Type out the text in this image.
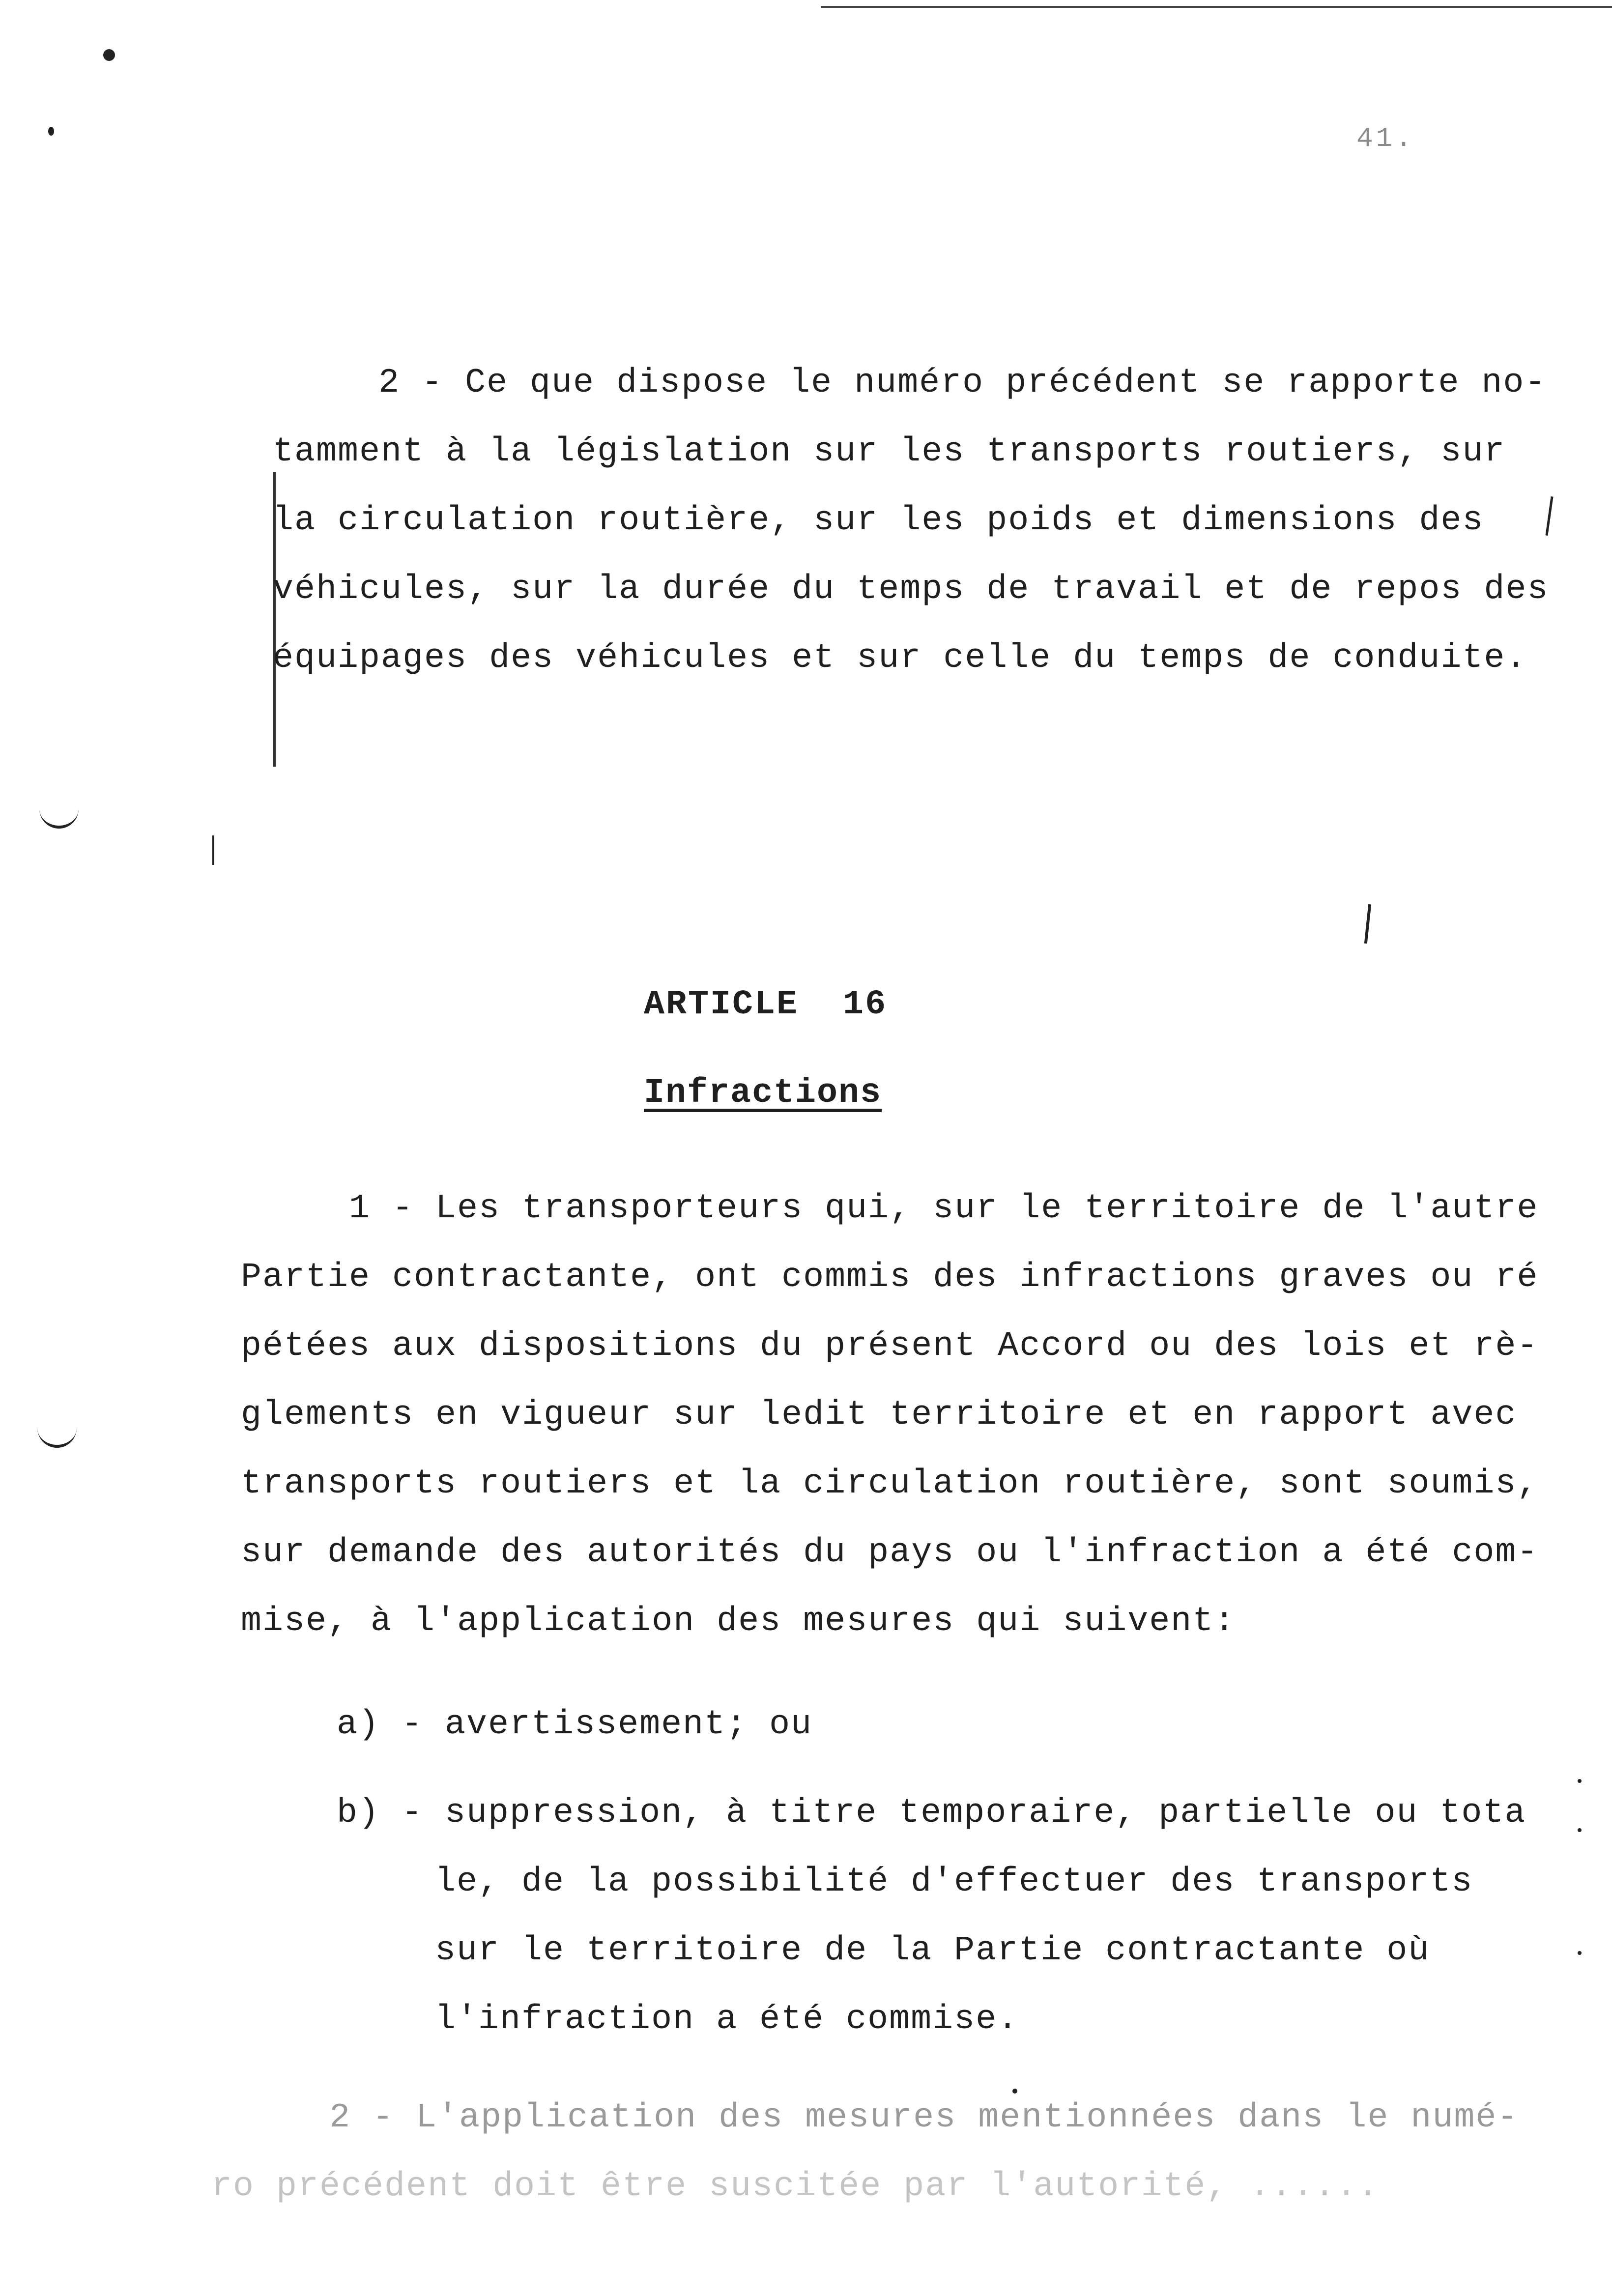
41.
2 - Ce que dispose le numéro précédent se rapporte no-
tamment à la législation sur les transports routiers, sur
la circulation routière, sur les poids et dimensions des
véhicules, sur la durée du temps de travail et de repos des
équipages des véhicules et sur celle du temps de conduite.
ARTICLE  16
Infractions
1 - Les transporteurs qui, sur le territoire de l'autre
Partie contractante, ont commis des infractions graves ou ré
pétées aux dispositions du présent Accord ou des lois et rè-
glements en vigueur sur ledit territoire et en rapport avec
transports routiers et la circulation routière, sont soumis,
sur demande des autorités du pays ou l'infraction a été com-
mise, à l'application des mesures qui suivent:
a) - avertissement; ou
b) - suppression, à titre temporaire, partielle ou tota
le, de la possibilité d'effectuer des transports
sur le territoire de la Partie contractante où
l'infraction a été commise.
2 - L'application des mesures mentionnées dans le numé-
ro précédent doit être suscitée par l'autorité, ......
